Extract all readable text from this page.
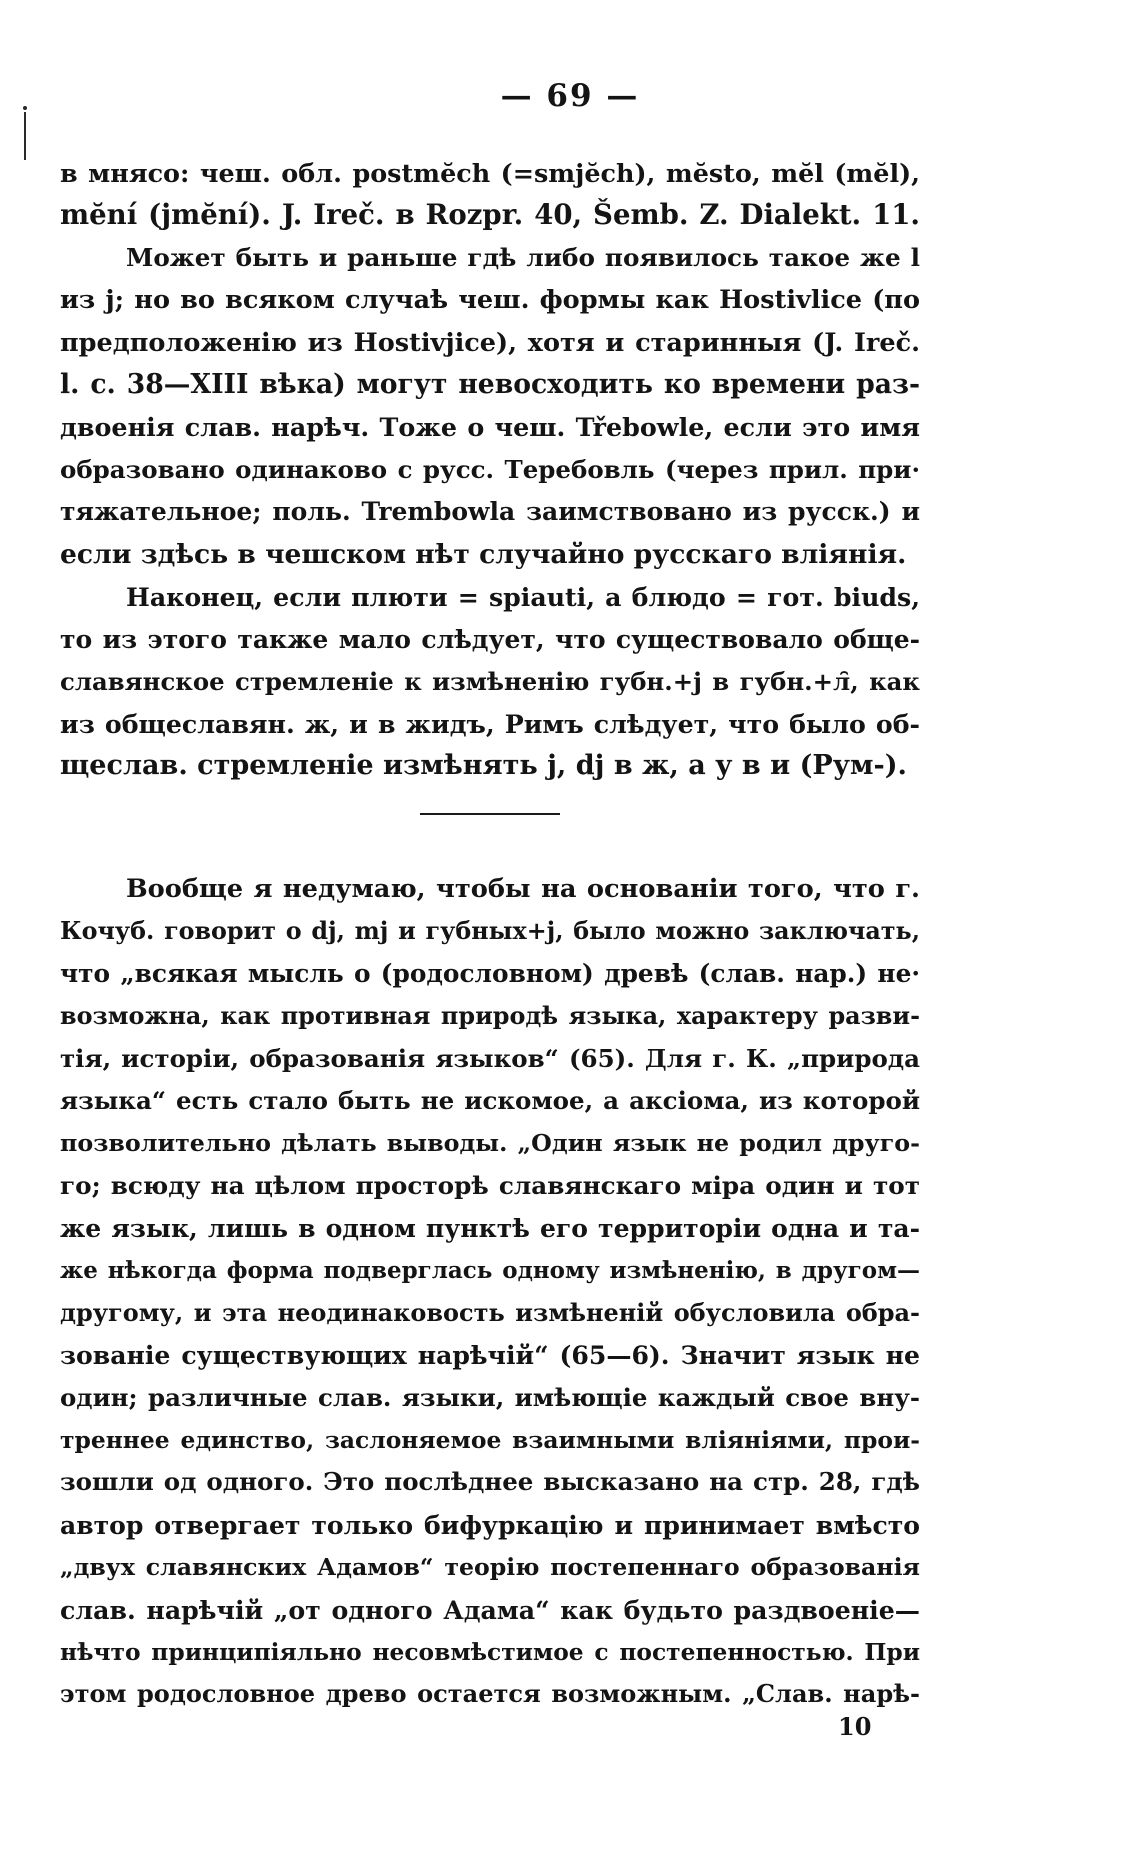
— 69 —
в мнясо: чеш. обл. postmĕch (=smjĕch), mĕsto, mĕl (mĕl),
mĕní (jmĕní). J. Ireč. в Rozpr. 40, Šemb. Z. Dialekt. 11.
Может быть и раньше гдѣ либо появилось такое же l
из j; но во всяком случаѣ чеш. формы как Hostivlice (по
предположенію из Hostivjice), хотя и старинныя (J. Ireč.
l. c. 38—XIII вѣка) могут невосходить ко времени раз-
двоенія слав. нарѣч. Тоже о чеш. Třebowle, если это имя
образовано одинаково с русс. Теребовль (через прил. при·
тяжательное; поль. Trembowla заимствовано из русск.) и
если здѣсь в чешском нѣт случайно русскаго вліянія.
Наконец, если плюти = spiauti, а блюдо = гот. biuds,
то из этого также мало слѣдует, что существовало обще-
славянское стремленіе к измѣненію губн.+j в губн.+л̑, как
из общеславян. ж, и в жидъ, Римъ слѣдует, что было об-
щеслав. стремленіе измѣнять j, dj в ж, а у в и (Рум-).
Вообще я недумаю, чтобы на основаніи того, что г.
Кочуб. говорит о dj, mj и губных+j, было можно заключать,
что „всякая мысль о (родословном) древѣ (слав. нар.) не·
возможна, как противная природѣ языка, характеру разви-
тія, исторіи, образованія языков“ (65). Для г. К. „природа
языка“ есть стало быть не искомое, а аксіома, из которой
позволительно дѣлать выводы. „Один язык не родил друго-
го; всюду на цѣлом просторѣ славянскаго міра один и тот
же язык, лишь в одном пунктѣ его территоріи одна и та-
же нѣкогда форма подверглась одному измѣненію, в другом—
другому, и эта неодинаковость измѣненій обусловила обра-
зованіе существующих нарѣчій“ (65—6). Значит язык не
один; различные слав. языки, имѣющіе каждый свое вну-
треннее единство, заслоняемое взаимными вліяніями, прои-
зошли од одного. Это послѣднее высказано на стр. 28, гдѣ
автор отвергает только бифуркацію и принимает вмѣсто
„двух славянских Адамов“ теорію постепеннаго образованія
слав. нарѣчій „от одного Адама“ как будьто раздвоеніе—
нѣчто принципіяльно несовмѣстимое с постепенностью. При
этом родословное древо остается возможным. „Слав. нарѣ-
10
